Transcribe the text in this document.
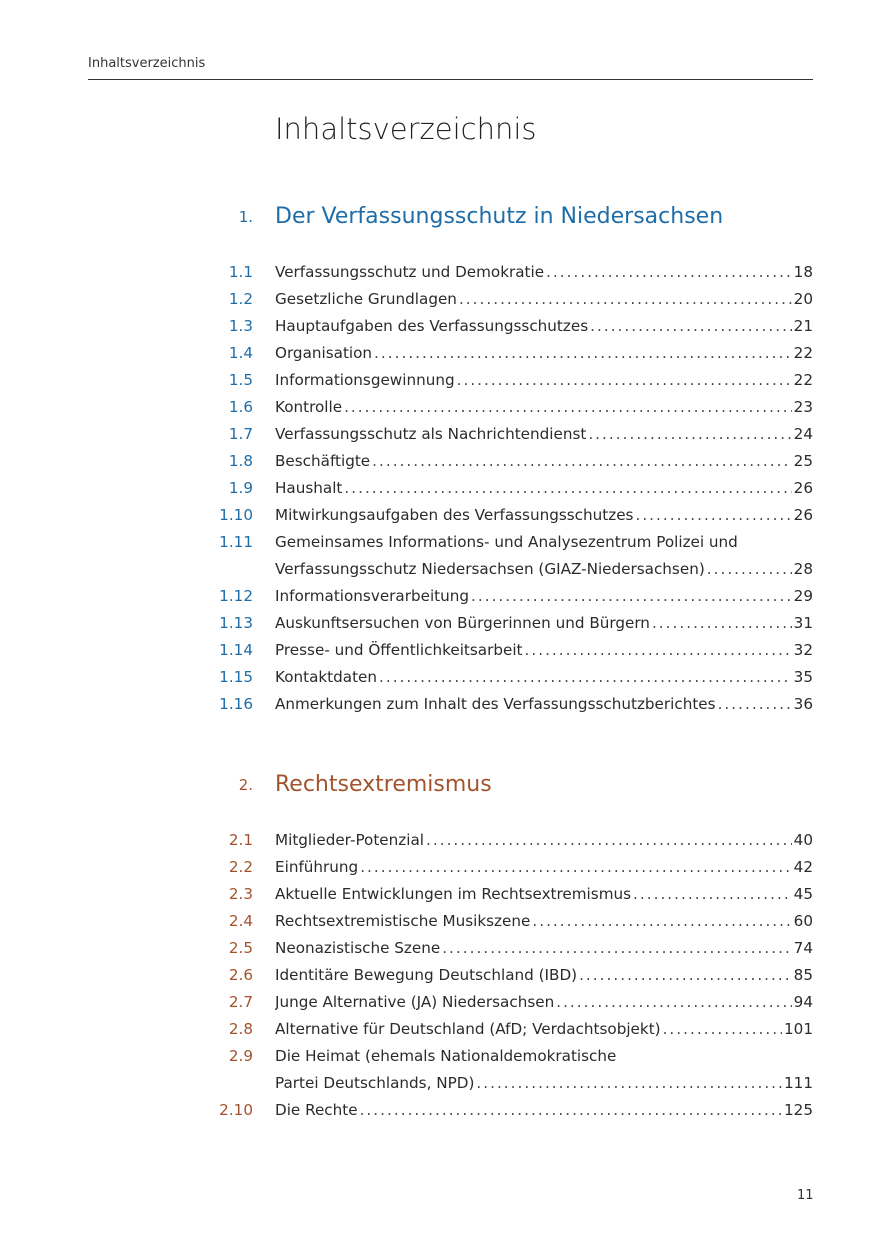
Inhaltsverzeichnis
Inhaltsverzeichnis
1. Der Verfassungsschutz in Niedersachsen
1.1 Verfassungsschutz und Demokratie . . .	18
1.2 Gesetzliche Grundlagen . . .	20
1.3 Hauptaufgaben des Verfassungsschutzes . . .	21
1.4 Organisation . . .	22
1.5 Informationsgewinnung . . .	22
1.6 Kontrolle . . .	23
1.7 Verfassungsschutz als Nachrichtendienst . . .	24
1.8 Beschäftigte . . .	25
1.9 Haushalt . . .	26
1.10 Mitwirkungsaufgaben des Verfassungsschutzes . . .	26
1.11 Gemeinsames Informations- und Analysezentrum Polizei und
Verfassungsschutz Niedersachsen (GIAZ-Niedersachsen) . . .	28
1.12 Informationsverarbeitung . . .	29
1.13 Auskunftsersuchen von Bürgerinnen und Bürgern . . .	31
1.14 Presse- und Öffentlichkeitsarbeit . . .	32
1.15 Kontaktdaten . . .	35
1.16 Anmerkungen zum Inhalt des Verfassungsschutzberichtes . . .	36
2. Rechtsextremismus
2.1 Mitglieder-Potenzial . . .	40
2.2 Einführung . . .	42
2.3 Aktuelle Entwicklungen im Rechtsextremismus . . .	45
2.4 Rechtsextremistische Musikszene . . .	60
2.5 Neonazistische Szene . . .	74
2.6 Identitäre Bewegung Deutschland (IBD) . . .	85
2.7 Junge Alternative (JA) Niedersachsen . . .	94
2.8 Alternative für Deutschland (AfD; Verdachtsobjekt) . . .	101
2.9 Die Heimat (ehemals Nationaldemokratische
Partei Deutschlands, NPD) . . .	111
2.10 Die Rechte . . .	125
11
